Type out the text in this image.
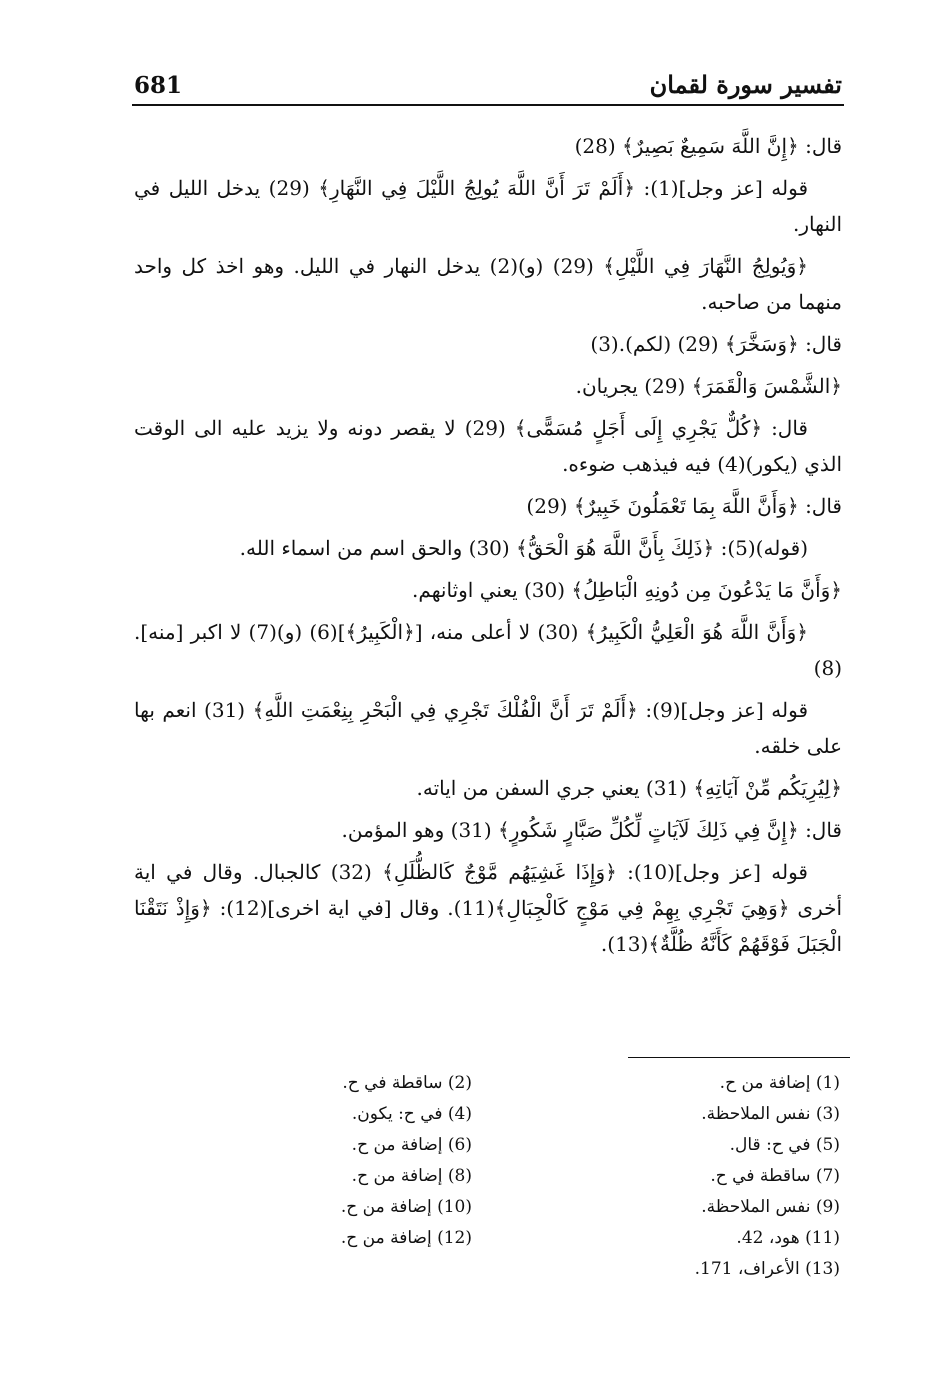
681	تفسير سورة لقمان

قال: ﴿إِنَّ اللَّهَ سَمِيعٌ بَصِيرٌ﴾ (28)

قوله [عز وجل](1): ﴿أَلَمْ تَرَ أَنَّ اللَّهَ يُولِجُ اللَّيْلَ فِي النَّهَارِ﴾ (29) يدخل الليل في النهار.

﴿وَيُولِجُ النَّهَارَ فِي اللَّيْلِ﴾ (29) (و)(2) يدخل النهار في الليل. وهو اخذ كل واحد منهما من صاحبه.

قال: ﴿وَسَخَّرَ﴾ (29) (لكم).(3)

﴿الشَّمْسَ وَالْقَمَرَ﴾ (29) يجريان.

قال: ﴿كُلٌّ يَجْرِي إِلَى أَجَلٍ مُسَمًّى﴾ (29) لا يقصر دونه ولا يزيد عليه الى الوقت الذي (يكور)(4) فيه فيذهب ضوءه.

قال: ﴿وَأَنَّ اللَّهَ بِمَا تَعْمَلُونَ خَبِيرٌ﴾ (29)

(قوله)(5): ﴿ذَلِكَ بِأَنَّ اللَّهَ هُوَ الْحَقُّ﴾ (30) والحق اسم من اسماء الله.

﴿وَأَنَّ مَا يَدْعُونَ مِن دُونِهِ الْبَاطِلُ﴾ (30) يعني اوثانهم.

﴿وَأَنَّ اللَّهَ هُوَ الْعَلِيُّ الْكَبِيرُ﴾ (30) لا أعلى منه، [﴿الْكَبِيرُ﴾](6) (و)(7) لا اكبر [منه].(8)

قوله [عز وجل](9): ﴿أَلَمْ تَرَ أَنَّ الْفُلْكَ تَجْرِي فِي الْبَحْرِ بِنِعْمَتِ اللَّهِ﴾ (31) انعم بها على خلقه.

﴿لِيُرِيَكُم مِّنْ آيَاتِهِ﴾ (31) يعني جري السفن من اياته.

قال: ﴿إِنَّ فِي ذَلِكَ لَآيَاتٍ لِّكُلِّ صَبَّارٍ شَكُورٍ﴾ (31) وهو المؤمن.

قوله [عز وجل](10): ﴿وَإِذَا غَشِيَهُم مَّوْجٌ كَالظُّلَلِ﴾ (32) كالجبال. وقال في اية أخرى ﴿وَهِيَ تَجْرِي بِهِمْ فِي مَوْجٍ كَالْجِبَالِ﴾(11). وقال [في اية اخرى](12): ﴿وَإِذْ نَتَقْنَا الْجَبَلَ فَوْقَهُمْ كَأَنَّهُ ظُلَّةٌ﴾(13).

(1) إضافة من ح.
(2) ساقطة في ح.
(3) نفس الملاحظة.
(4) في ح: يكون.
(5) في ح: قال.
(6) إضافة من ح.
(7) ساقطة في ح.
(8) إضافة من ح.
(9) نفس الملاحظة.
(10) إضافة من ح.
(11) هود، 42.
(12) إضافة من ح.
(13) الأعراف، 171.
